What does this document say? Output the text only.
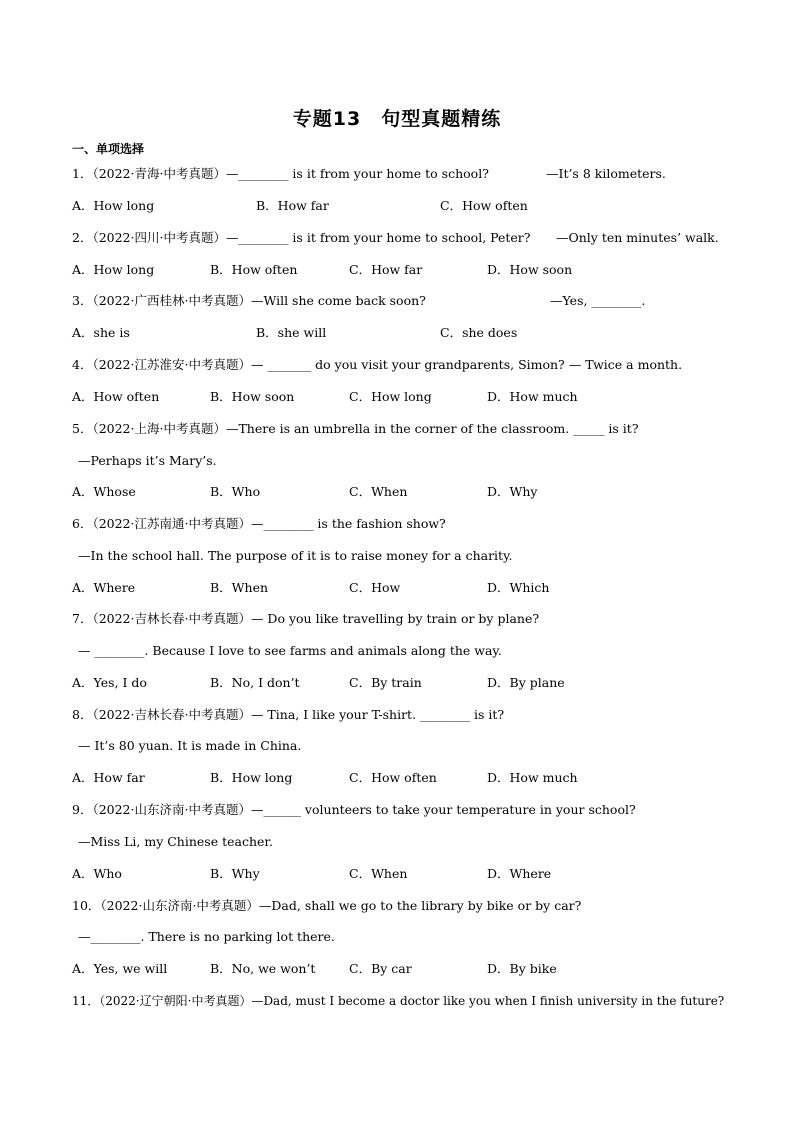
专题13　句型真题精练
一、单项选择
1．（2022·青海·中考真题）—________ is it from your home to school?	—It’s 8 kilometers.
A．How long	B．How far	C．How often
2．（2022·四川·中考真题）—________ is it from your home to school, Peter? —Only ten minutes’ walk.
A．How long	B．How often	C．How far	D．How soon
3．（2022·广西桂林·中考真题）—Will she come back soon?	—Yes, ________.
A．she is	B．she will	C．she does
4．（2022·江苏淮安·中考真题）— _______ do you visit your grandparents, Simon? — Twice a month.
A．How often	B．How soon	C．How long	D．How much
5．（2022·上海·中考真题）—There is an umbrella in the corner of the classroom. _____ is it?
—Perhaps it’s Mary’s.
A．Whose	B．Who	C．When	D．Why
6．（2022·江苏南通·中考真题）—________ is the fashion show?
—In the school hall. The purpose of it is to raise money for a charity.
A．Where	B．When	C．How	D．Which
7．（2022·吉林长春·中考真题）— Do you like travelling by train or by plane?
— ________. Because I love to see farms and animals along the way.
A．Yes, I do	B．No, I don’t	C．By train	D．By plane
8．（2022·吉林长春·中考真题）— Tina, I like your T-shirt. ________ is it?
— It’s 80 yuan. It is made in China.
A．How far	B．How long	C．How often	D．How much
9．（2022·山东济南·中考真题）—______ volunteers to take your temperature in your school?
—Miss Li, my Chinese teacher.
A．Who	B．Why	C．When	D．Where
10．（2022·山东济南·中考真题）—Dad, shall we go to the library by bike or by car?
—________. There is no parking lot there.
A．Yes, we will	B．No, we won’t	C．By car	D．By bike
11．（2022·辽宁朝阳·中考真题）—Dad, must I become a doctor like you when I finish university in the future?
